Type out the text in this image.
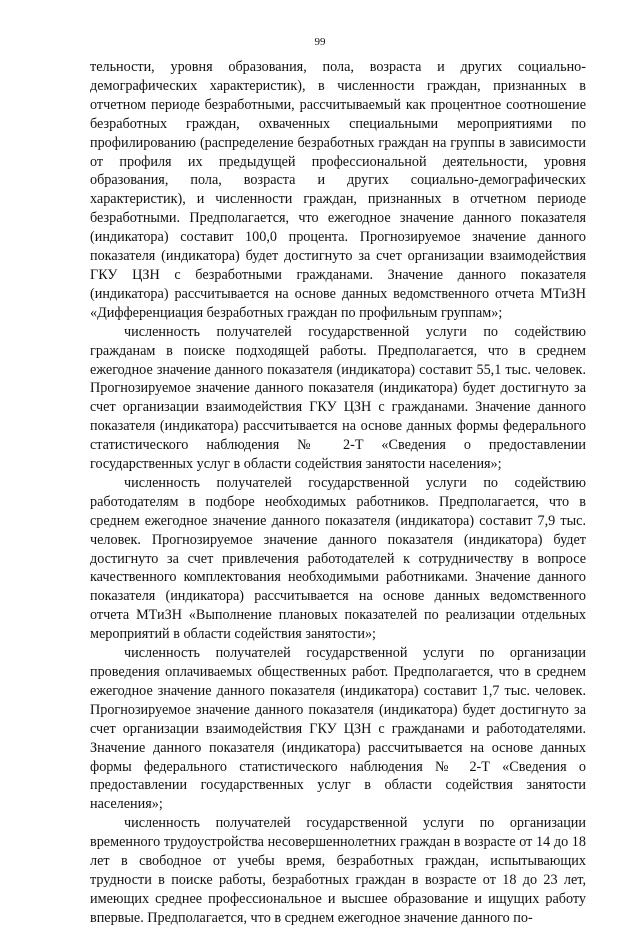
99

тельности, уровня образования, пола, возраста и других социально-демографических характеристик), в численности граждан, признанных в отчетном периоде безработными, рассчитываемый как процентное соотношение безработных граждан, охваченных специальными мероприятиями по профилированию (распределение безработных граждан на группы в зависимости от профиля их предыдущей профессиональной деятельности, уровня образования, пола, возраста и других социально-демографических характеристик), и численности граждан, признанных в отчетном периоде безработными. Предполагается, что ежегодное значение данного показателя (индикатора) составит 100,0 процента. Прогнозируемое значение данного показателя (индикатора) будет достигнуто за счет организации взаимодействия ГКУ ЦЗН с безработными гражданами. Значение данного показателя (индикатора) рассчитывается на основе данных ведомственного отчета МТиЗН «Дифференциация безработных граждан по профильным группам»;

численность получателей государственной услуги по содействию гражданам в поиске подходящей работы. Предполагается, что в среднем ежегодное значение данного показателя (индикатора) составит 55,1 тыс. человек. Прогнозируемое значение данного показателя (индикатора) будет достигнуто за счет организации взаимодействия ГКУ ЦЗН с гражданами. Значение данного показателя (индикатора) рассчитывается на основе данных формы федерального статистического наблюдения № 2-Т «Сведения о предоставлении государственных услуг в области содействия занятости населения»;

численность получателей государственной услуги по содействию работодателям в подборе необходимых работников. Предполагается, что в среднем ежегодное значение данного показателя (индикатора) составит 7,9 тыс. человек. Прогнозируемое значение данного показателя (индикатора) будет достигнуто за счет привлечения работодателей к сотрудничеству в вопросе качественного комплектования необходимыми работниками. Значение данного показателя (индикатора) рассчитывается на основе данных ведомственного отчета МТиЗН «Выполнение плановых показателей по реализации отдельных мероприятий в области содействия занятости»;

численность получателей государственной услуги по организации проведения оплачиваемых общественных работ. Предполагается, что в среднем ежегодное значение данного показателя (индикатора) составит 1,7 тыс. человек. Прогнозируемое значение данного показателя (индикатора) будет достигнуто за счет организации взаимодействия ГКУ ЦЗН с гражданами и работодателями. Значение данного показателя (индикатора) рассчитывается на основе данных формы федерального статистического наблюдения № 2-Т «Сведения о предоставлении государственных услуг в области содействия занятости населения»;

численность получателей государственной услуги по организации временного трудоустройства несовершеннолетних граждан в возрасте от 14 до 18 лет в свободное от учебы время, безработных граждан, испытывающих трудности в поиске работы, безработных граждан в возрасте от 18 до 23 лет, имеющих среднее профессиональное и высшее образование и ищущих работу впервые. Предполагается, что в среднем ежегодное значение данного по-
